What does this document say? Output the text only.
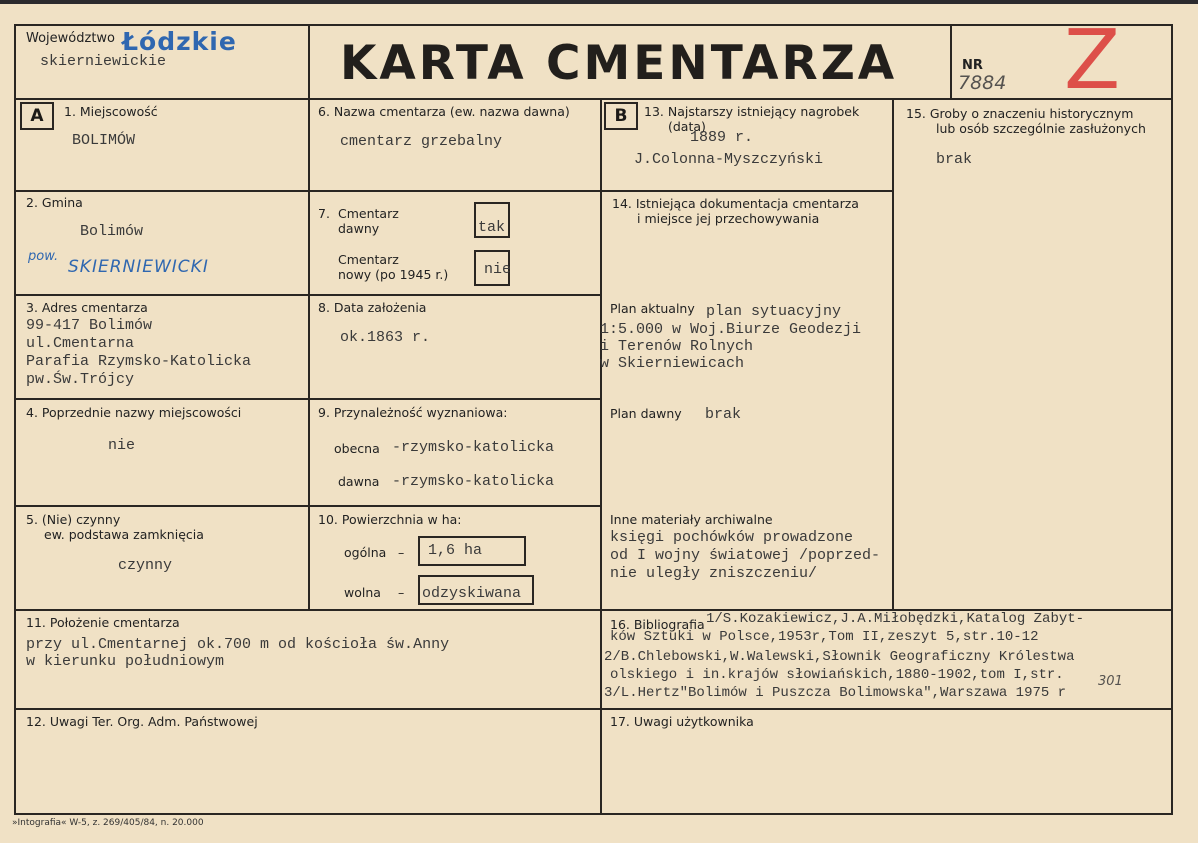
Województwo Łódzkie
skierniewickie	KARTA CMENTARZA	NR
7884 Z
A	1. Miejscowość
BOLIMÓW
2. Gmina
Bolimów
pow.
SKIERNIEWICKI
3. Adres cmentarza
99-417 Bolimów
ul.Cmentarna
Parafia Rzymsko-Katolicka
pw.Św.Trójcy
4. Poprzednie nazwy miejscowości
nie
5. (Nie) czynny
ew. podstawa zamknięcia
czynny
6. Nazwa cmentarza (ew. nazwa dawna)
cmentarz grzebalny
7. Cmentarz
dawny	tak
Cmentarz
nowy (po 1945 r.) nie
8. Data założenia
ok.1863 r.
9. Przynależność wyznaniowa:
obecna -rzymsko-katolicka
dawna -rzymsko-katolicka
10. Powierzchnia w ha:
ogólna – 1,6 ha
wolna – odzyskiwana
B	13. Najstarszy istniejący nagrobek
(data)
1889 r.
J.Colonna-Myszczyński
14. Istniejąca dokumentacja cmentarza
i miejsce jej przechowywania
Plan aktualny plan sytuacyjny
1:5.000 w Woj.Biurze Geodezji
i Terenów Rolnych
w Skierniewicach
Plan dawny brak
Inne materiały archiwalne
księgi pochówków prowadzone
od I wojny światowej /poprzed-
nie uległy zniszczeniu/
15. Groby o znaczeniu historycznym
lub osób szczególnie zasłużonych
brak
11. Położenie cmentarza
przy ul.Cmentarnej ok.700 m od kościoła św.Anny
w kierunku południowym
16. Bibliografia 1/S.Kozakiewicz,J.A.Miłobędzki,Katalog Zabyt-
ków Sztuki w Polsce,1953r,Tom II,zeszyt 5,str.10-12
2/B.Chlebowski,W.Walewski,Słownik Geograficzny Królestwa
olskiego i in.krajów słowiańskich,1880-1902,tom I,str.
3/L.Hertz"Bolimów i Puszcza Bolimowska",Warszawa 1975 r
301
12. Uwagi Ter. Org. Adm. Państwowej	17. Uwagi użytkownika
»Intografia« W-5, z. 269/405/84, n. 20.000
